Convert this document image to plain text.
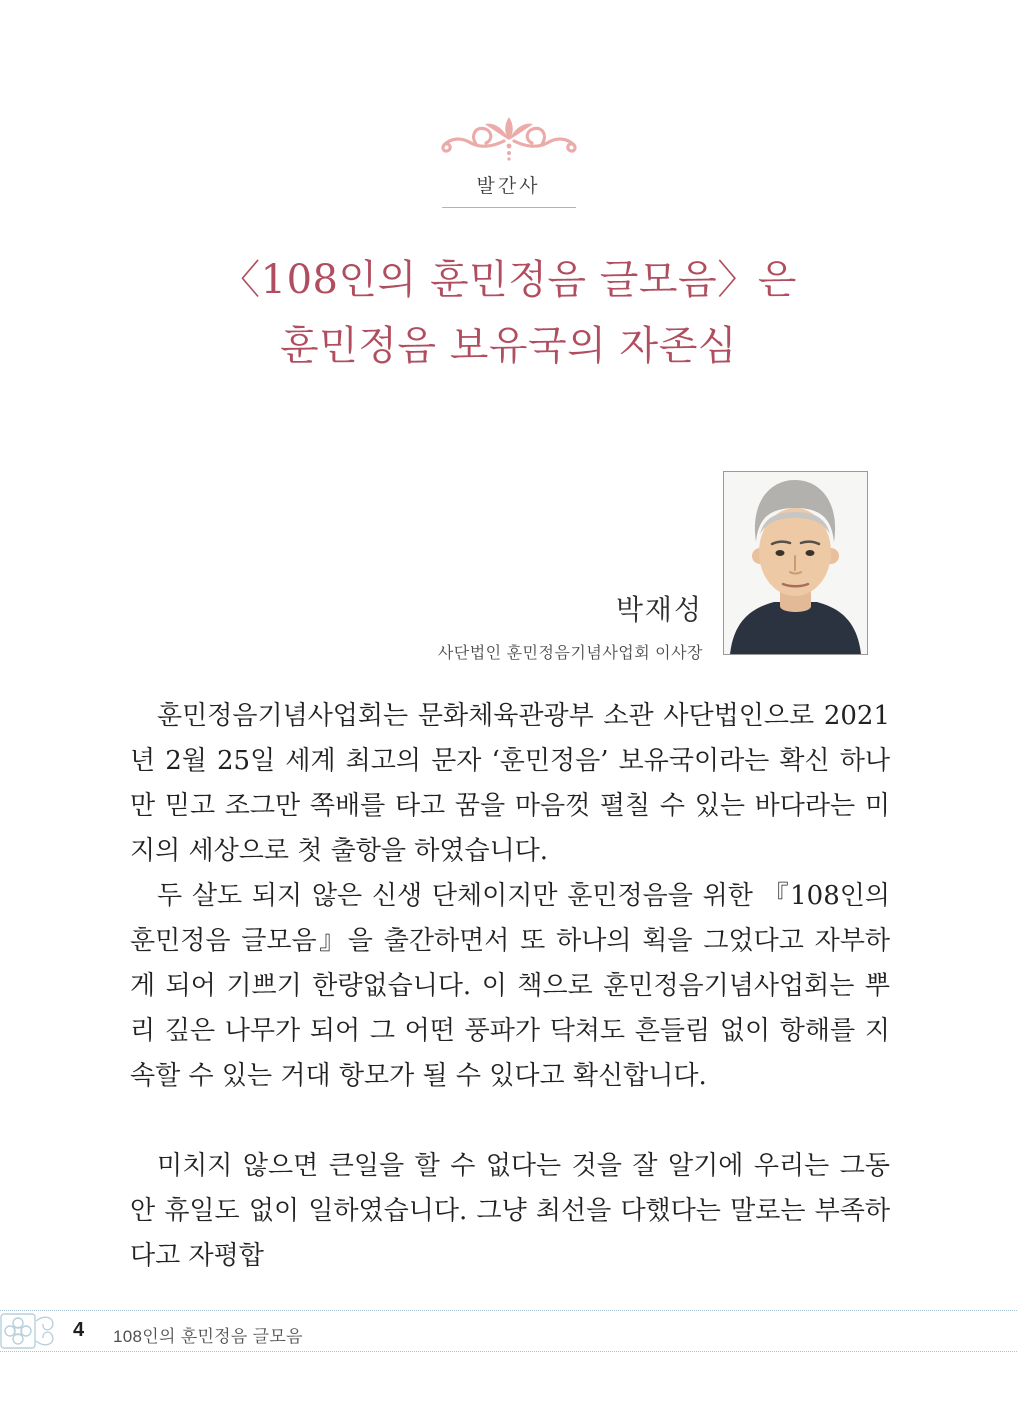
발간사
〈108인의 훈민정음 글모음〉은
훈민정음 보유국의 자존심
박재성
사단법인 훈민정음기념사업회 이사장

훈민정음기념사업회는 문화체육관광부 소관 사단법인으로 2021년 2월 25일 세계 최고의 문자 ‘훈민정음’ 보유국이라는 확신 하나만 믿고 조그만 쪽배를 타고 꿈을 마음껏 펼칠 수 있는 바다라는 미지의 세상으로 첫 출항을 하였습니다.

두 살도 되지 않은 신생 단체이지만 훈민정음을 위한 『108인의 훈민정음 글모음』을 출간하면서 또 하나의 획을 그었다고 자부하게 되어 기쁘기 한량없습니다. 이 책으로 훈민정음기념사업회는 뿌리 깊은 나무가 되어 그 어떤 풍파가 닥쳐도 흔들림 없이 항해를 지속할 수 있는 거대 항모가 될 수 있다고 확신합니다.

미치지 않으면 큰일을 할 수 없다는 것을 잘 알기에 우리는 그동안 휴일도 없이 일하였습니다. 그냥 최선을 다했다는 말로는 부족하다고 자평합

4 108인의 훈민정음 글모음
